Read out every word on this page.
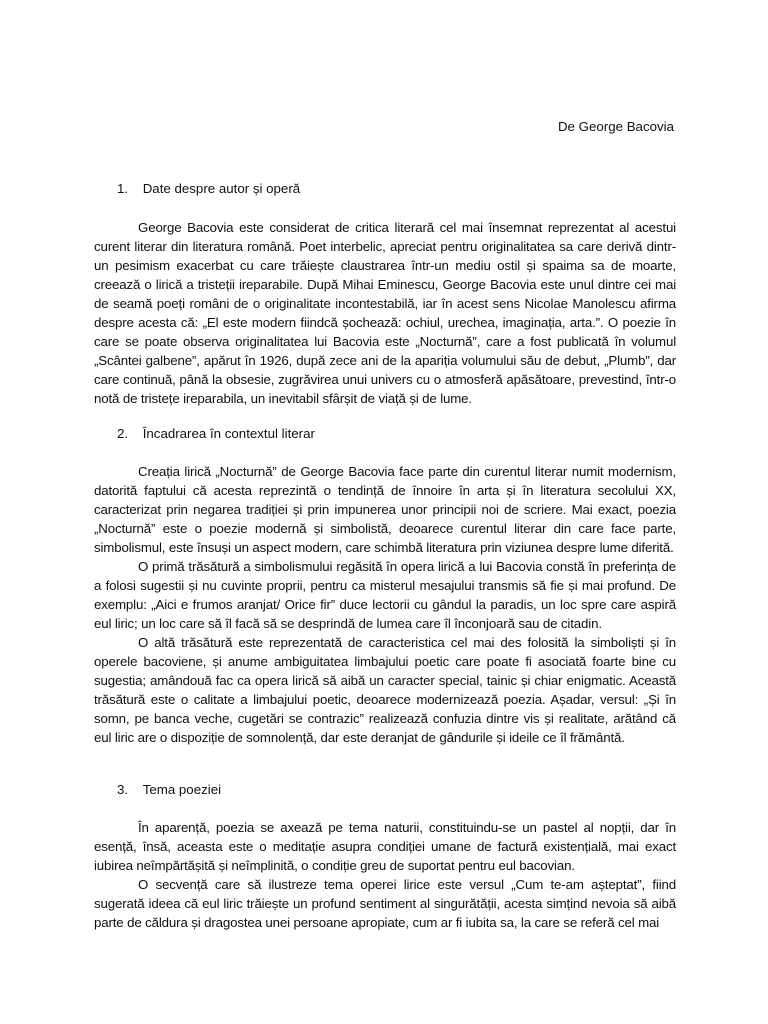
De George Bacovia
1. Date despre autor și operă

George Bacovia este considerat de critica literară cel mai însemnat reprezentat al acestui curent literar din literatura română. Poet interbelic, apreciat pentru originalitatea sa care derivă dintr-un pesimism exacerbat cu care trăiește claustrarea într-un mediu ostil și spaima sa de moarte, creează o lirică a tristeții ireparabile. După Mihai Eminescu, George Bacovia este unul dintre cei mai de seamă poeți români de o originalitate incontestabilă, iar în acest sens Nicolae Manolescu afirma despre acesta că: „El este modern fiindcă șochează: ochiul, urechea, imaginația, arta.”. O poezie în care se poate observa originalitatea lui Bacovia este „Nocturnă”, care a fost publicată în volumul „Scântei galbene”, apărut în 1926, după zece ani de la apariția volumului său de debut, „Plumb”, dar care continuă, până la obsesie, zugrăvirea unui univers cu o atmosferă apăsătoare, prevestind, într-o notă de tristețe ireparabila, un inevitabil sfârșit de viață și de lume.

2. Încadrarea în contextul literar

Creația lirică „Nocturnă” de George Bacovia face parte din curentul literar numit modernism, datorită faptului că acesta reprezintă o tendință de înnoire în arta și în literatura secolului XX, caracterizat prin negarea tradiției și prin impunerea unor principii noi de scriere. Mai exact, poezia „Nocturnă” este o poezie modernă și simbolistă, deoarece curentul literar din care face parte, simbolismul, este însuși un aspect modern, care schimbă literatura prin viziunea despre lume diferită.

O primă trăsătură a simbolismului regăsită în opera lirică a lui Bacovia constă în preferința de a folosi sugestii și nu cuvinte proprii, pentru ca misterul mesajului transmis să fie și mai profund. De exemplu: „Aici e frumos aranjat/ Orice fir” duce lectorii cu gândul la paradis, un loc spre care aspiră eul liric; un loc care să îl facă să se desprindă de lumea care îl înconjoară sau de citadin.

O altă trăsătură este reprezentată de caracteristica cel mai des folosită la simboliști și în operele bacoviene, și anume ambiguitatea limbajului poetic care poate fi asociată foarte bine cu sugestia; amândouă fac ca opera lirică să aibă un caracter special, tainic și chiar enigmatic. Această trăsătură este o calitate a limbajului poetic, deoarece modernizează poezia. Așadar, versul: „Și în somn, pe banca veche, cugetări se contrazic” realizează confuzia dintre vis și realitate, arătând că eul liric are o dispoziție de somnolență, dar este deranjat de gândurile și ideile ce îl frământă.

3. Tema poeziei

În aparență, poezia se axează pe tema naturii, constituindu-se un pastel al nopții, dar în esență, însă, aceasta este o meditație asupra condiției umane de factură existențială, mai exact iubirea neîmpărtășită și neîmplinită, o condiție greu de suportat pentru eul bacovian.

O secvență care să ilustreze tema operei lirice este versul „Cum te-am așteptat”, fiind sugerată ideea că eul liric trăiește un profund sentiment al singurătății, acesta simțind nevoia să aibă parte de căldura și dragostea unei persoane apropiate, cum ar fi iubita sa, la care se referă cel mai
